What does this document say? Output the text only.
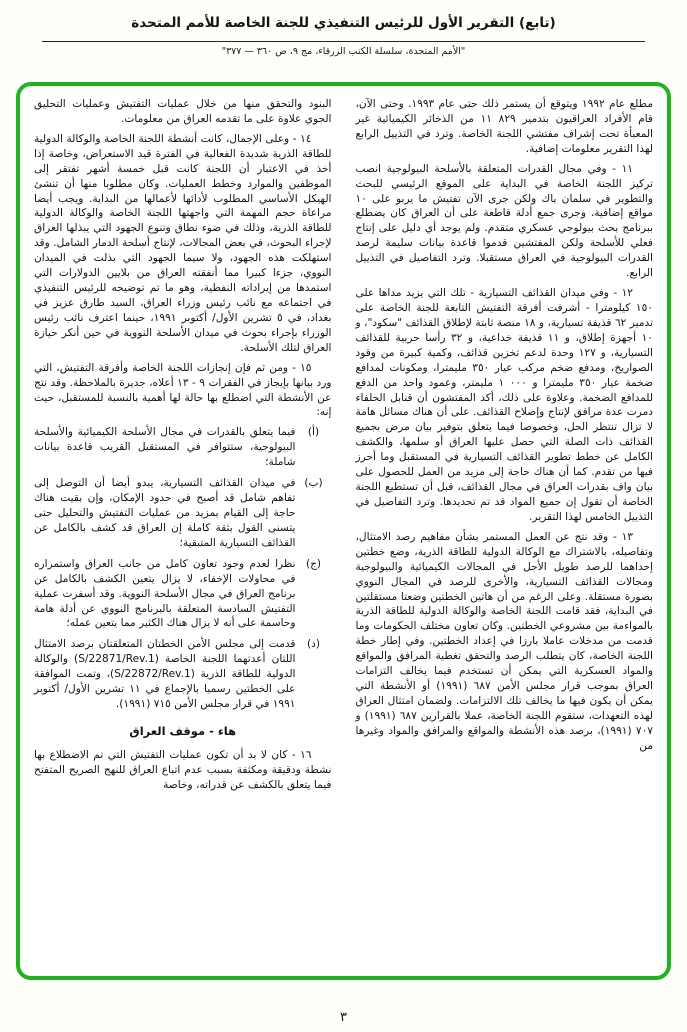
(تابع) التقرير الأول للرئيس التنفيذي للجنة الخاصة للأمم المتحدة
"الأمم المتحدة، سلسلة الكتب الزرقاء، مج ٩، ص ٣٦٠ — ٣٧٧"

مطلع عام ١٩٩٢ ويتوقع أن يستمر ذلك حتى عام ١٩٩٣. وحتى الآن، قام الأفراد العراقيون بتدمير ٨٢٩ ١١ من الذخائر الكيميائية غير المعبأة تحت إشراف مفتشي اللجنة الخاصة. وترد في التذييل الرابع لهذا التقرير معلومات إضافية.

١١ - وفي مجال القدرات المتعلقة بالأسلحة البيولوجية انصب تركيز اللجنة الخاصة في البداية على الموقع الرئيسي للبحث والتطوير في سلمان باك ولكن جرى الآن تفتيش ما يربو على ١٠ مواقع إضافية. وجرى جمع أدلة قاطعة على أن العراق كان يضطلع ببرنامج بحث بيولوجي عسكري متقدم. ولم يوجد أي دليل على إنتاج فعلي للأسلحة ولكن المفتشين قدموا قاعدة بيانات سليمة لرصد القدرات البيولوجية في العراق مستقبلا. وترد التفاصيل في التذييل الرابع.

١٢ - وفي ميدان القذائف التسيارية - تلك التي يزيد مداها على ١٥٠ كيلومترا - أشرفت أفرقة التفتيش التابعة للجنة الخاصة على تدمير ٦٢ قذيفة تسيارية، و ١٨ منصة ثابتة لإطلاق القذائف "سكود"، و ١٠ أجهزة إطلاق، و ١١ قذيفة خداعية، و ٣٢ رأسا حربية للقذائف التسيارية، و ١٢٧ وحدة لدعم تخزين قذائف، وكمية كبيرة من وقود الصواريخ، ومدفع ضخم مركب عيار ٣٥٠ مليمترا، ومكونات لمدافع ضخمة عيار ٣٥٠ مليمترا و ٠٠٠ ١ مليمتر، وعمود واحد من الدفع للمدافع الضخمة. وعلاوة على ذلك، أكد المفتشون أن قنابل الحلفاء دمرت عدة مرافق لإنتاج وإصلاح القذائف. على أن هناك مسائل هامة لا تزال تنتظر الحل، وخصوصا فيما يتعلق بتوفير بيان مرض بجميع القذائف ذات الصلة التي حصل عليها العراق أو سلمها، والكشف الكامل عن خطط تطوير القذائف التسيارية في المستقبل وما أحرز فيها من تقدم. كما أن هناك حاجة إلى مزيد من العمل للحصول على بيان واف بقدرات العراق في مجال القذائف، قبل أن تستطيع اللجنة الخاصة أن تقول إن جميع المواد قد تم تحديدها. وترد التفاصيل في التذييل الخامس لهذا التقرير.

١٣ - وقد نتج عن العمل المستمر بشأن مفاهيم رصد الامتثال، وتفاصيله، بالاشتراك مع الوكالة الدولية للطاقة الذرية، وضع خطتين إحداهما للرصد طويل الأجل في المجالات الكيميائية والبيولوجية ومجالات القذائف التسيارية، والأخرى للرصد في المجال النووي بصورة مستقلة. وعلى الرغم من أن هاتين الخطتين وضعتا مستقلتين في البداية، فقد قامت اللجنة الخاصة والوكالة الدولية للطاقة الذرية بالمواءمة بين مشروعي الخطتين. وكان تعاون مختلف الحكومات وما قدمت من مدخلات عاملا بارزا في إعداد الخطتين. وفي إطار خطة اللجنة الخاصة، كان يتطلب الرصد والتحقق تغطية المرافق والمواقع والمواد العسكرية التي يمكن أن تستخدم فيما يخالف التزامات العراق بموجب قرار مجلس الأمن ٦٨٧ (١٩٩١) أو الأنشطة التي يمكن أن يكون فيها ما يخالف تلك الالتزامات. ولضمان امتثال العراق لهذه التعهدات، ستقوم اللجنة الخاصة، عملا بالقرارين ٦٨٧ (١٩٩١) و ٧٠٧ (١٩٩١)، برصد هذه الأنشطة والمواقع والمرافق والمواد وغيرها من

البنود والتحقق منها من خلال عمليات التفتيش وعمليات التحليق الجوي علاوة على ما تقدمه العراق من معلومات.

١٤ - وعلى الإجمال، كانت أنشطة اللجنة الخاصة والوكالة الدولية للطاقة الذرية شديدة الفعالية في الفترة قيد الاستعراض، وخاصة إذا أخذ في الاعتبار أن اللجنة كانت قبل خمسة أشهر تفتقر إلى الموظفين والموارد وخطط العمليات. وكان مطلوبا منها أن تنشئ الهيكل الأساسي المطلوب لأدائها لأعمالها من البداية. ويجب أيضا مراعاة حجم المهمة التي واجهتها اللجنة الخاصة والوكالة الدولية للطاقة الذرية، وذلك في ضوء نطاق وتنوع الجهود التي يبذلها العراق لإجراء البحوث، في بعض المجالات، لإنتاج أسلحة الدمار الشامل. وقد استهلكت هذه الجهود، ولا سيما الجهود التي بذلت في الميدان النووي، جزءا كبيرا مما أنفقته العراق من بلايين الدولارات التي استمدها من إيراداته النفطية، وهو ما تم توضيحه للرئيس التنفيذي في اجتماعه مع نائب رئيس وزراء العراق، السيد طارق عزيز في بغداد، في ٥ تشرين الأول/ أكتوبر ١٩٩١، حينما اعترف نائب رئيس الوزراء بإجراء بحوث في ميدان الأسلحة النووية في حين أنكر حيازة العراق لتلك الأسلحة.

١٥ - ومن ثم فإن إنجازات اللجنة الخاصة وأفرقة التفتيش، التي ورد بيانها بإيجاز في الفقرات ٩ - ١٣ أعلاه، جديرة بالملاحظة. وقد نتج عن الأنشطة التي اضطلع بها حالة لها أهمية بالنسبة للمستقبل، حيث إنه:

(أ)
فيما يتعلق بالقدرات في مجال الأسلحة الكيميائية والأسلحة البيولوجية، ستتوافر في المستقبل القريب قاعدة بيانات شاملة؛
(ب)
في ميدان القذائف التسيارية، يبدو أيضا أن التوصل إلى تفاهم شامل قد أصبح في حدود الإمكان، وإن بقيت هناك حاجة إلى القيام بمزيد من عمليات التفتيش والتحليل حتى يتسنى القول بثقة كاملة إن العراق قد كشف بالكامل عن القذائف التسيارية المتبقية؛
(ج)
نظرا لعدم وجود تعاون كامل من جانب العراق واستمراره في محاولات الإخفاء، لا يزال يتعين الكشف بالكامل عن برنامج العراق في مجال الأسلحة النووية. وقد أسفرت عملية التفتيش السادسة المتعلقة بالبرنامج النووي عن أدلة هامة وحاسمة على أنه لا يزال هناك الكثير مما يتعين عمله؛
(د)
قدمت إلى مجلس الأمن الخطتان المتعلقتان برصد الامتثال اللتان أعدتهما اللجنة الخاصة (S/22871/Rev.1) والوكالة الدولية للطاقة الذرية (S/22872/Rev.1)، وتمت الموافقة على الخطتين رسميا بالإجماع في ١١ تشرين الأول/ أكتوبر ١٩٩١ في قرار مجلس الأمن ٧١٥ (١٩٩١).
هاء - موقف العراق

١٦ - كان لا بد أن تكون عمليات التفتيش التي تم الاضطلاع بها نشطة ودقيقة ومكثفة بسبب عدم اتباع العراق للنهج الصريح المتفتح فيما يتعلق بالكشف عن قدراته، وخاصة

٣
